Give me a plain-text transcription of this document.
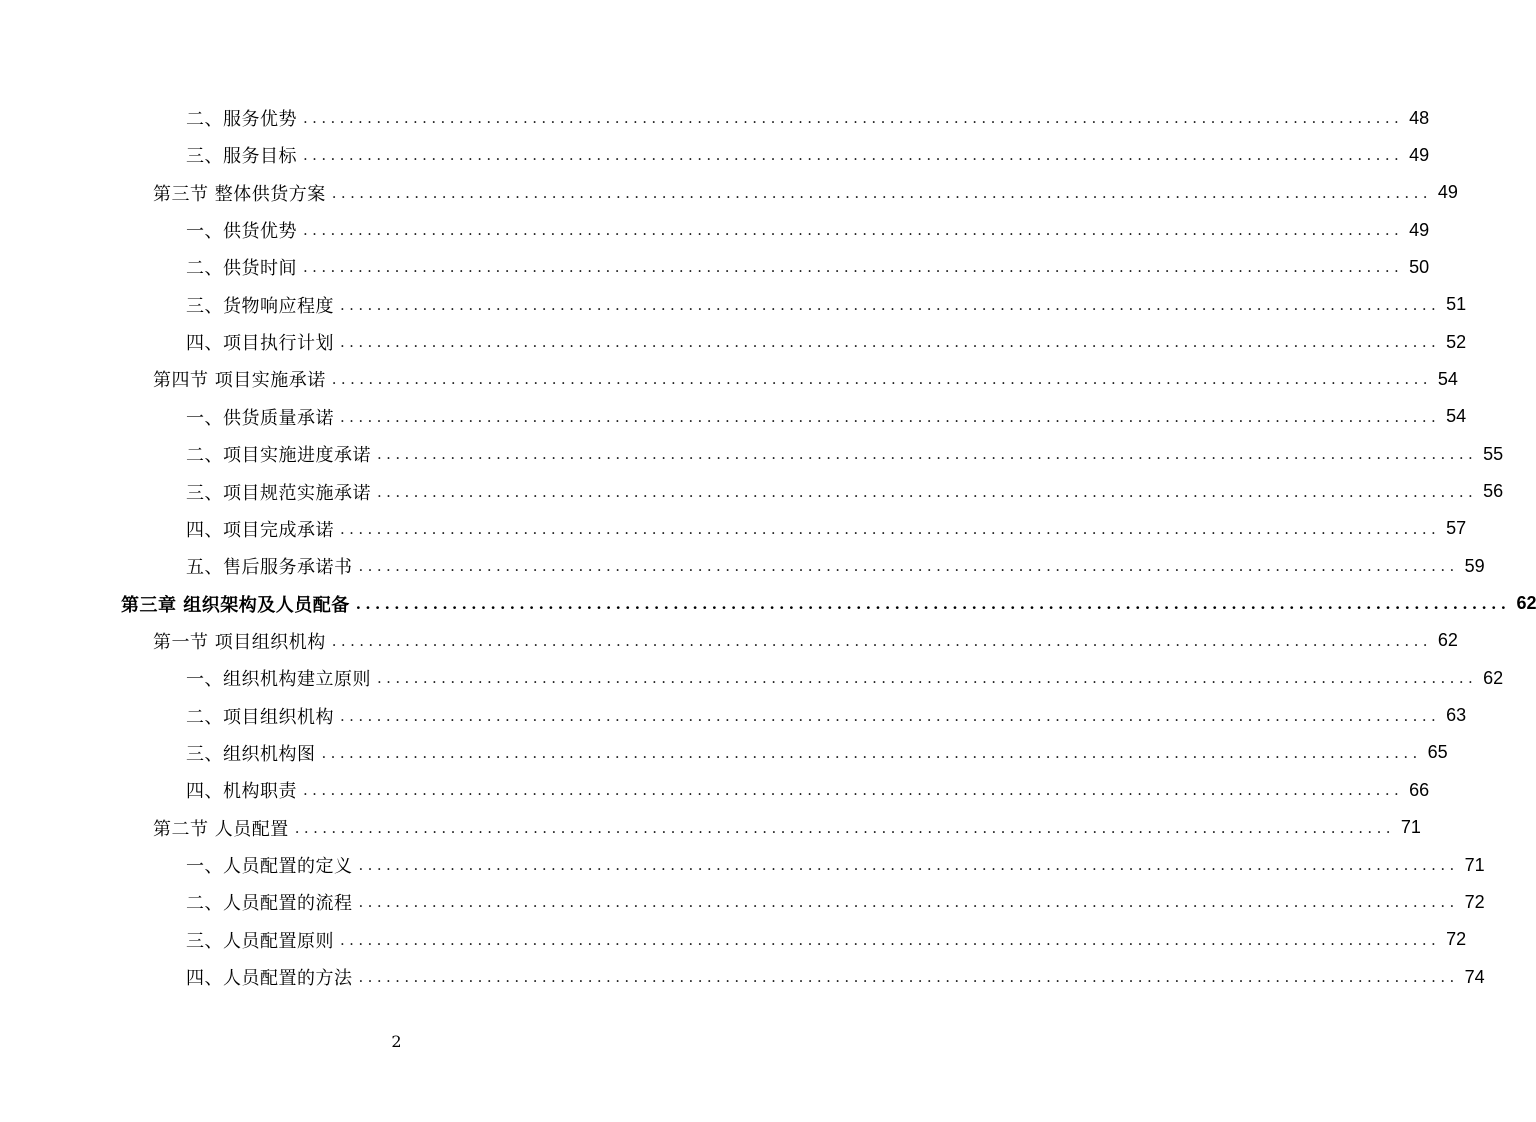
二、服务优势 ........................................................................................................................ 48
三、服务目标 ........................................................................................................................ 49
第三节 整体供货方案 ........................................................................................................................ 49
一、供货优势 ........................................................................................................................ 49
二、供货时间 ........................................................................................................................ 50
三、货物响应程度 ........................................................................................................................ 51
四、项目执行计划 ........................................................................................................................ 52
第四节 项目实施承诺 ........................................................................................................................ 54
一、供货质量承诺 ........................................................................................................................ 54
二、项目实施进度承诺 ........................................................................................................................ 55
三、项目规范实施承诺 ........................................................................................................................ 56
四、项目完成承诺 ........................................................................................................................ 57
五、售后服务承诺书 ........................................................................................................................ 59
第三章 组织架构及人员配备 ........................................................................................................................ 62
第一节 项目组织机构 ........................................................................................................................ 62
一、组织机构建立原则 ........................................................................................................................ 62
二、项目组织机构 ........................................................................................................................ 63
三、组织机构图 ........................................................................................................................ 65
四、机构职责 ........................................................................................................................ 66
第二节 人员配置 ........................................................................................................................ 71
一、人员配置的定义 ........................................................................................................................ 71
二、人员配置的流程 ........................................................................................................................ 72
三、人员配置原则 ........................................................................................................................ 72
四、人员配置的方法 ........................................................................................................................ 74
2
